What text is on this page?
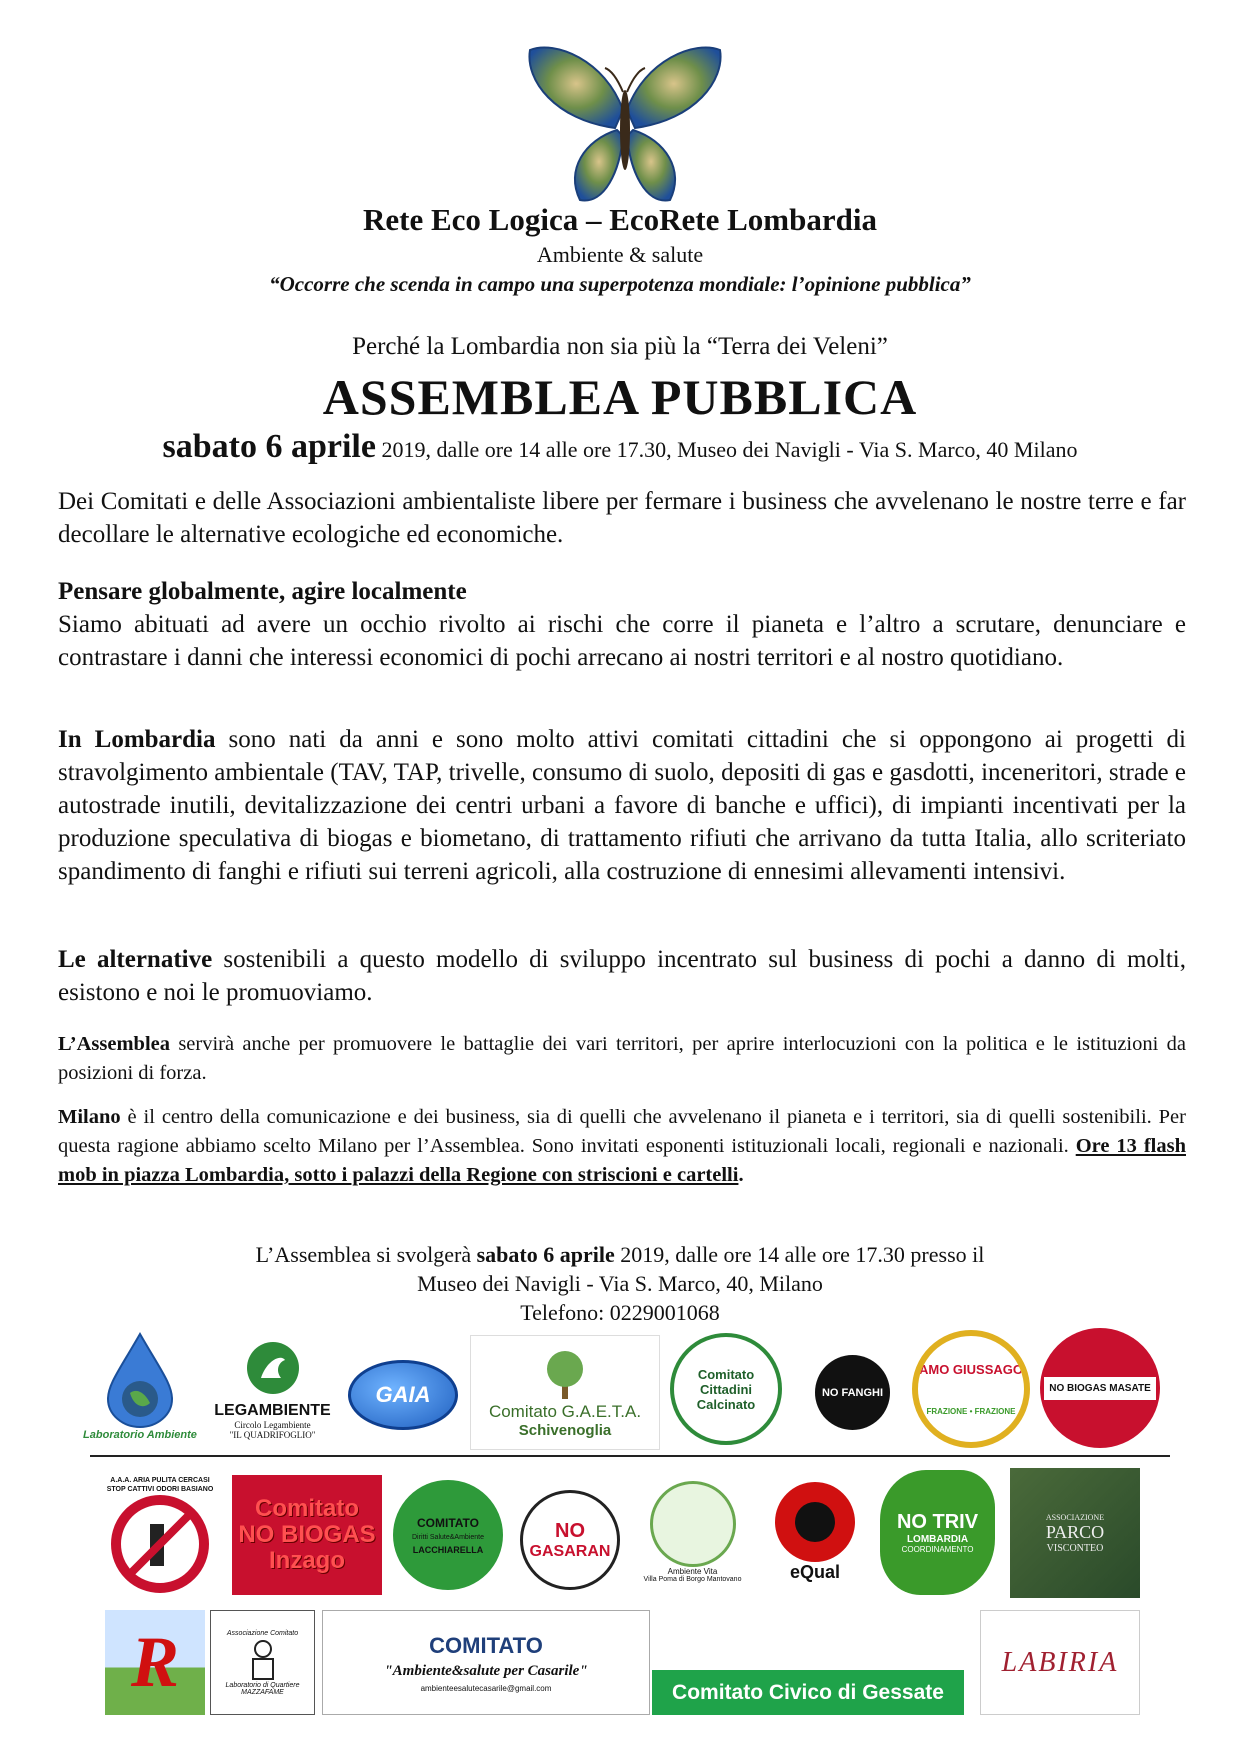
Rete Eco Logica – EcoRete Lombardia
Ambiente & salute
“Occorre che scenda in campo una superpotenza mondiale: l’opinione pubblica”
Perché la Lombardia non sia più la “Terra dei Veleni”
ASSEMBLEA PUBBLICA
sabato 6 aprile 2019, dalle ore 14 alle ore 17.30, Museo dei Navigli - Via S. Marco, 40 Milano

Dei Comitati e delle Associazioni ambientaliste libere per fermare i business che avvelenano le nostre terre e far decollare le alternative ecologiche ed economiche.

Pensare globalmente, agire localmente

Siamo abituati ad avere un occhio rivolto ai rischi che corre il pianeta e l’altro a scrutare, denunciare e contrastare i danni che interessi economici di pochi arrecano ai nostri territori e al nostro quotidiano.

In Lombardia sono nati da anni e sono molto attivi comitati cittadini che si oppongono ai progetti di stravolgimento ambientale (TAV, TAP, trivelle, consumo di suolo, depositi di gas e gasdotti, inceneritori, strade e autostrade inutili, devitalizzazione dei centri urbani a favore di banche e uffici), di impianti incentivati per la produzione speculativa di biogas e biometano, di trattamento rifiuti che arrivano da tutta Italia, allo scriteriato spandimento di fanghi e rifiuti sui terreni agricoli, alla costruzione di ennesimi allevamenti intensivi.

Le alternative sostenibili a questo modello di sviluppo incentrato sul business di pochi a danno di molti, esistono e noi le promuoviamo.

L’Assemblea servirà anche per promuovere le battaglie dei vari territori, per aprire interlocuzioni con la politica e le istituzioni da posizioni di forza.

Milano è il centro della comunicazione e dei business, sia di quelli che avvelenano il pianeta e i territori, sia di quelli sostenibili. Per questa ragione abbiamo scelto Milano per l’Assemblea. Sono invitati esponenti istituzionali locali, regionali e nazionali. Ore 13 flash mob in piazza Lombardia, sotto i palazzi della Regione con striscioni e cartelli.

L’Assemblea si svolgerà sabato 6 aprile 2019, dalle ore 14 alle ore 17.30 presso il
Museo dei Navigli - Via S. Marco, 40, Milano
Telefono: 0229001068
Laboratorio Ambiente
LEGAMBIENTE
Circolo Legambiente
"IL QUADRIFOGLIO"
GAIA
Comitato G.A.E.T.A.
Schivenoglia
Comitato Cittadini Calcinato
NO FANGHI
AMO GIUSSAGO
FRAZIONE • FRAZIONE
NO BIOGAS MASATE
A.A.A. ARIA PULITA CERCASI STOP CATTIVI ODORI BASIANO
Comitato NO BIOGAS Inzago
COMITATO
Diritti Salute&Ambiente
LACCHIARELLA
NO
GASARAN
Ambiente Vita
Villa Poma di Borgo Mantovano	eQual
NO TRIV
LOMBARDIA
COORDINAMENTO
ASSOCIAZIONE
PARCO
VISCONTEO
R	Associazione Comitato
Laboratorio di Quartiere MAZZAFAME
COMITATO
"Ambiente&salute per Casarile"
ambienteesalutecasarile@gmail.com	Comitato Civico di Gessate
LABIRIA
